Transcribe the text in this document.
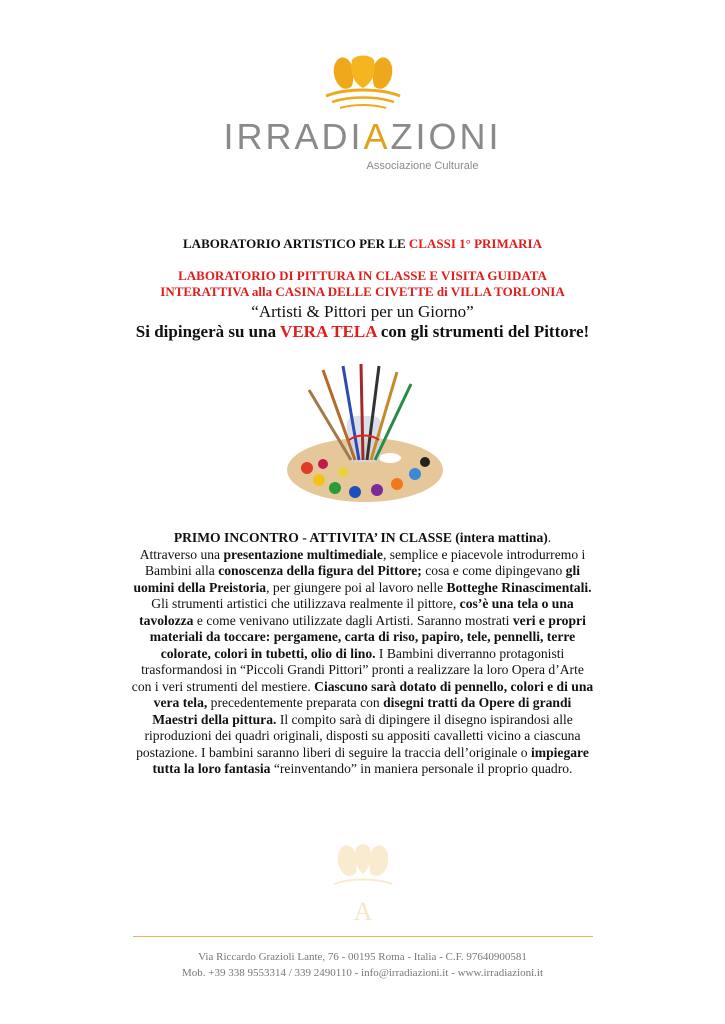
IRRADIAZIONI
Associazione Culturale
LABORATORIO ARTISTICO PER LE CLASSI 1° PRIMARIA
LABORATORIO DI PITTURA IN CLASSE E VISITA GUIDATA
INTERATTIVA alla CASINA DELLE CIVETTE di VILLA TORLONIA
“Artisti & Pittori per un Giorno”
Si dipingerà su una VERA TELA con gli strumenti del Pittore!
PRIMO INCONTRO - ATTIVITA’ IN CLASSE (intera mattina).
Attraverso una presentazione multimediale, semplice e piacevole introdurremo i Bambini alla conoscenza della figura del Pittore; cosa e come dipingevano gli uomini della Preistoria, per giungere poi al lavoro nelle Botteghe Rinascimentali. Gli strumenti artistici che utilizzava realmente il pittore, cos’è una tela o una tavolozza e come venivano utilizzate dagli Artisti. Saranno mostrati veri e propri materiali da toccare: pergamene, carta di riso, papiro, tele, pennelli, terre colorate, colori in tubetti, olio di lino. I Bambini diverranno protagonisti trasformandosi in “Piccoli Grandi Pittori” pronti a realizzare la loro Opera d’Arte con i veri strumenti del mestiere. Ciascuno sarà dotato di pennello, colori e di una vera tela, precedentemente preparata con disegni tratti da Opere di grandi Maestri della pittura. Il compito sarà di dipingere il disegno ispirandosi alle riproduzioni dei quadri originali, disposti su appositi cavalletti vicino a ciascuna postazione. I bambini saranno liberi di seguire la traccia dell’originale o impiegare tutta la loro fantasia “reinventando” in maniera personale il proprio quadro.
A
Via Riccardo Grazioli Lante, 76 - 00195 Roma - Italia - C.F. 97640900581
Mob. +39 338 9553314 / 339 2490110 - info@irradiazioni.it - www.irradiazioni.it
